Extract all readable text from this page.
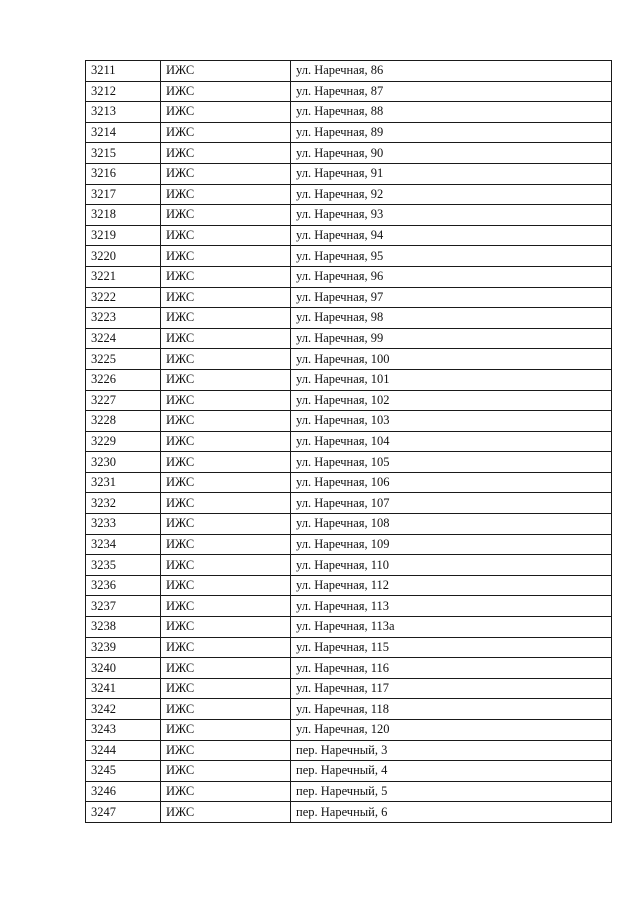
3211	ИЖС	ул. Наречная, 86
3212	ИЖС	ул. Наречная, 87
3213	ИЖС	ул. Наречная, 88
3214	ИЖС	ул. Наречная, 89
3215	ИЖС	ул. Наречная, 90
3216	ИЖС	ул. Наречная, 91
3217	ИЖС	ул. Наречная, 92
3218	ИЖС	ул. Наречная, 93
3219	ИЖС	ул. Наречная, 94
3220	ИЖС	ул. Наречная, 95
3221	ИЖС	ул. Наречная, 96
3222	ИЖС	ул. Наречная, 97
3223	ИЖС	ул. Наречная, 98
3224	ИЖС	ул. Наречная, 99
3225	ИЖС	ул. Наречная, 100
3226	ИЖС	ул. Наречная, 101
3227	ИЖС	ул. Наречная, 102
3228	ИЖС	ул. Наречная, 103
3229	ИЖС	ул. Наречная, 104
3230	ИЖС	ул. Наречная, 105
3231	ИЖС	ул. Наречная, 106
3232	ИЖС	ул. Наречная, 107
3233	ИЖС	ул. Наречная, 108
3234	ИЖС	ул. Наречная, 109
3235	ИЖС	ул. Наречная, 110
3236	ИЖС	ул. Наречная, 112
3237	ИЖС	ул. Наречная, 113
3238	ИЖС	ул. Наречная, 113а
3239	ИЖС	ул. Наречная, 115
3240	ИЖС	ул. Наречная, 116
3241	ИЖС	ул. Наречная, 117
3242	ИЖС	ул. Наречная, 118
3243	ИЖС	ул. Наречная, 120
3244	ИЖС	пер. Наречный, 3
3245	ИЖС	пер. Наречный, 4
3246	ИЖС	пер. Наречный, 5
3247	ИЖС	пер. Наречный, 6
